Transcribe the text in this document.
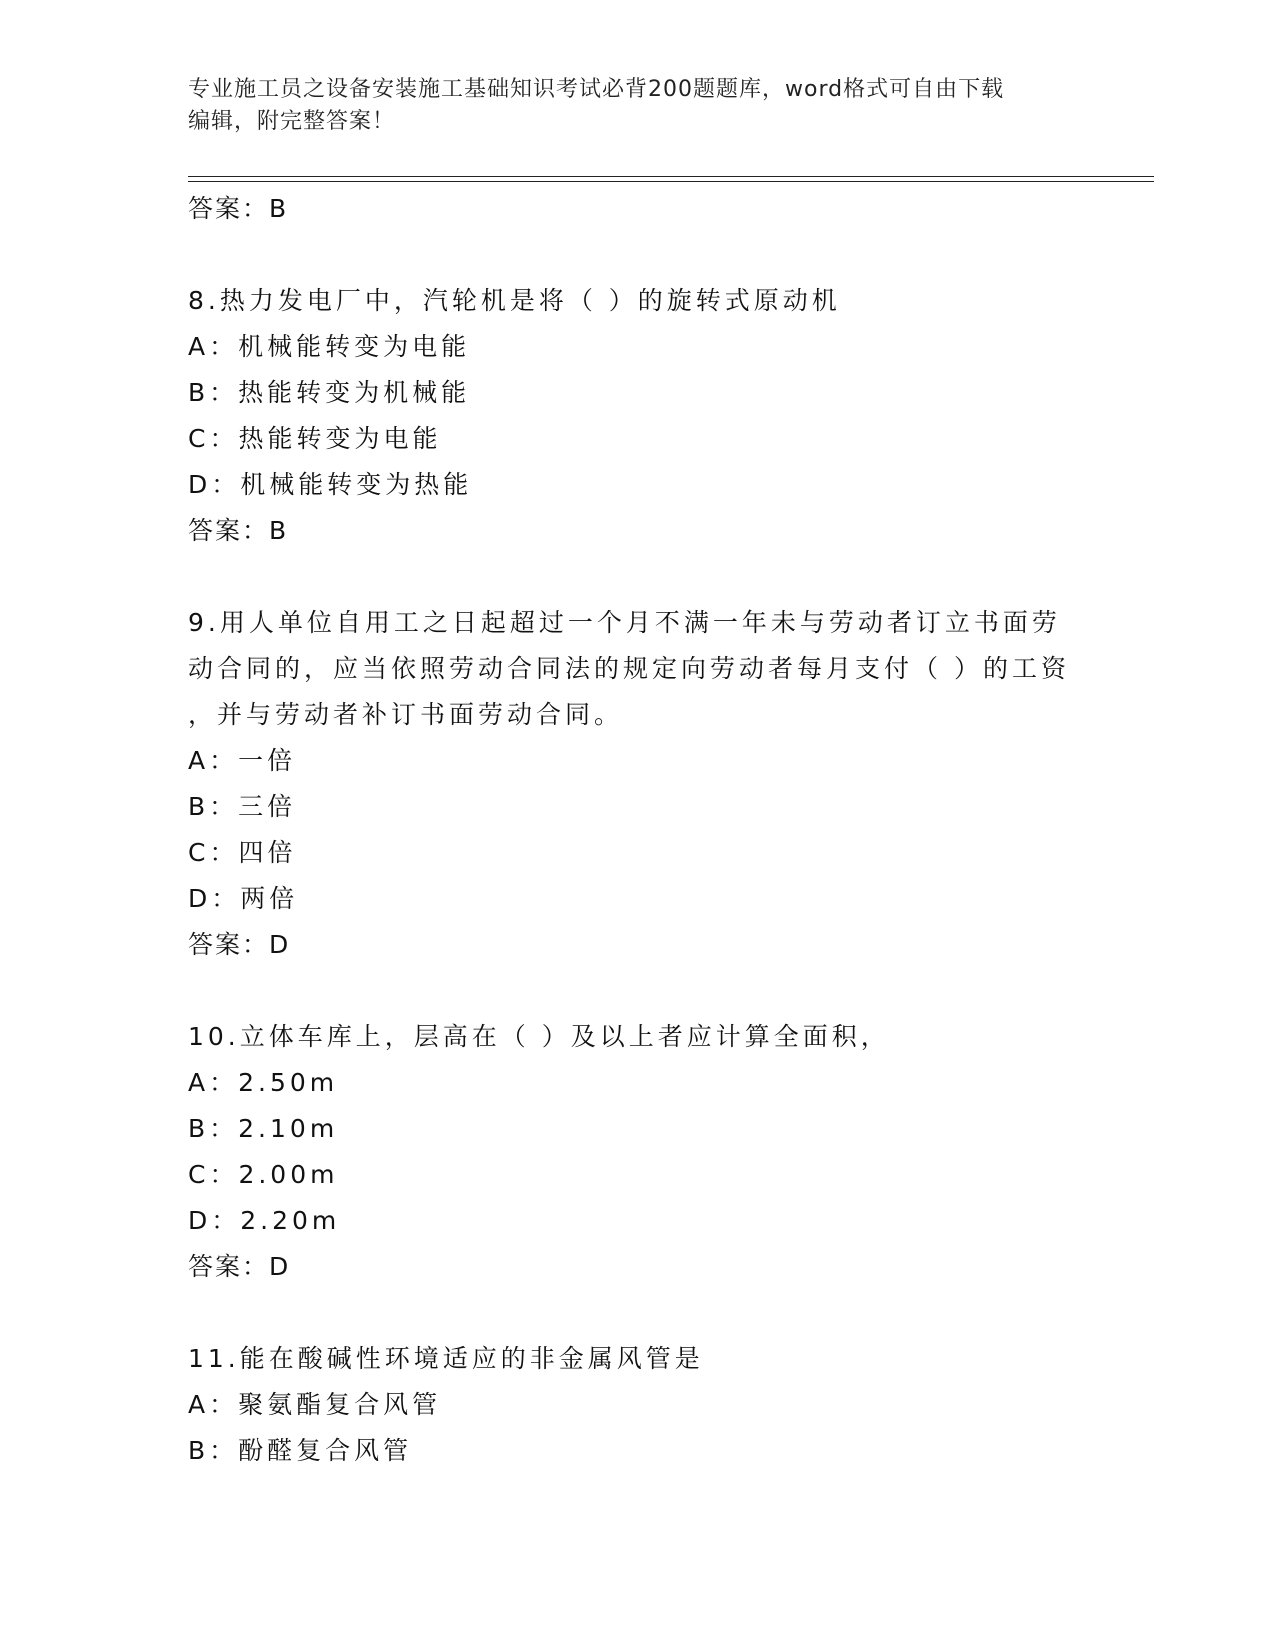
专业施工员之设备安装施工基础知识考试必背200题题库，word格式可自由下载
编辑，附完整答案！
答案：B
8.热力发电厂中，汽轮机是将（ ）的旋转式原动机
A：机械能转变为电能
B：热能转变为机械能
C：热能转变为电能
D：机械能转变为热能
答案：B
9.用人单位自用工之日起超过一个月不满一年未与劳动者订立书面劳
动合同的，应当依照劳动合同法的规定向劳动者每月支付（ ）的工资
，并与劳动者补订书面劳动合同。
A：一倍
B：三倍
C：四倍
D：两倍
答案：D
10.立体车库上，层高在（ ）及以上者应计算全面积，
A：2.50m
B：2.10m
C：2.00m
D：2.20m
答案：D
11.能在酸碱性环境适应的非金属风管是
A：聚氨酯复合风管
B：酚醛复合风管
